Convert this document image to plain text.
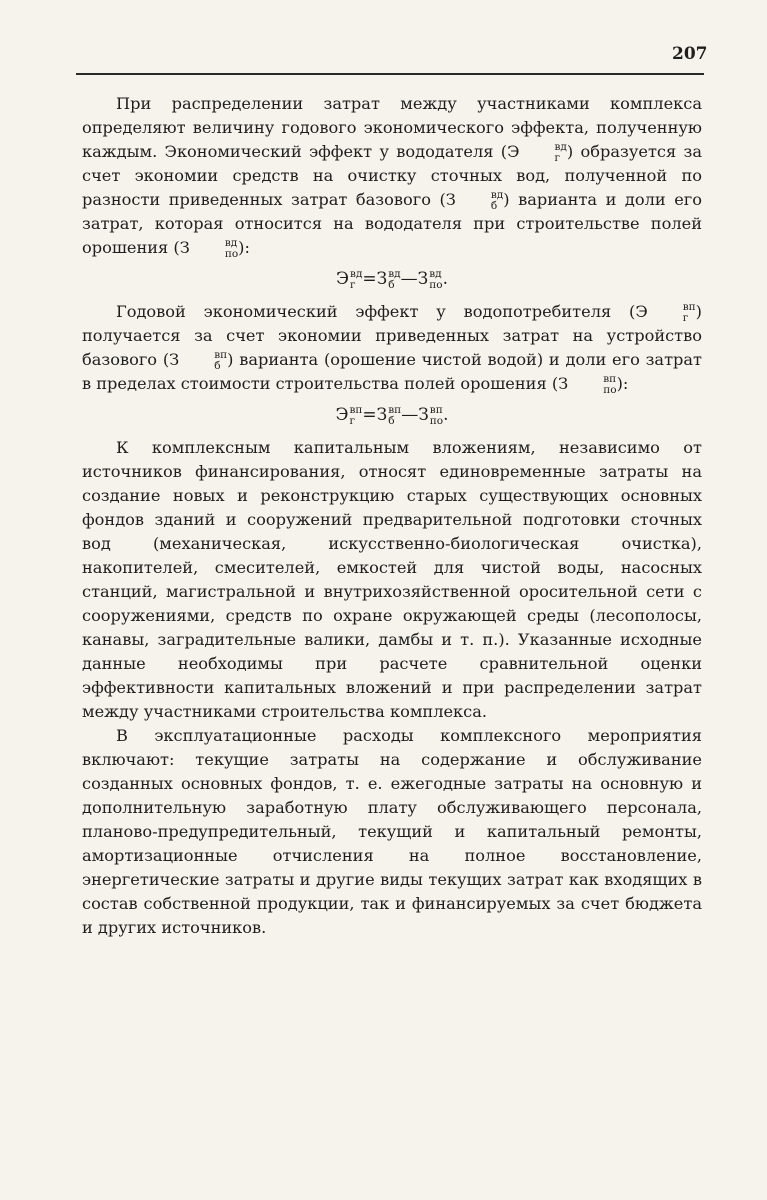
207

При распределении затрат между участниками комплекса определяют величину годового экономического эффекта, полученную каждым. Экономический эффект у вододателя (Э	вд
г ) образуется за счет экономии средств на очистку сточных вод, полученной по разности приведенных затрат базового (З	вд
б ) варианта и доли его затрат, которая относится на вододателя при строительстве полей орошения (З	вд
по ):

Э вд
г =З вд
б —З вд
по .

Годовой экономический эффект у водопотребителя (Э	вп
г ) получается за счет экономии приведенных затрат на устройство базового (З	вп
б ) варианта (орошение чистой водой) и доли его затрат в пределах стоимости строительства полей орошения (З	вп
по ):

Э вп
г =З вп
б —З вп
по .

К комплексным капитальным вложениям, независимо от источников финансирования, относят единовременные затраты на создание новых и реконструкцию старых существующих основных фондов зданий и сооружений предварительной подготовки сточных вод (механическая, искусственно-биологическая очистка), накопителей, смесителей, емкостей для чистой воды, насосных станций, магистральной и внутрихозяйственной оросительной сети с сооружениями, средств по охране окружающей среды (лесополосы, канавы, заградительные валики, дамбы и т. п.). Указанные исходные данные необходимы при расчете сравнительной оценки эффективности капитальных вложений и при распределении затрат между участниками строительства комплекса.

В эксплуатационные расходы комплексного мероприятия включают: текущие затраты на содержание и обслуживание созданных основных фондов, т. е. ежегодные затраты на основную и дополнительную заработную плату обслуживающего персонала, планово-предупредительный, текущий и капитальный ремонты, амортизационные отчисления на полное восстановление, энергетические затраты и другие виды текущих затрат как входящих в состав собственной продукции, так и финансируемых за счет бюджета и других источников.
